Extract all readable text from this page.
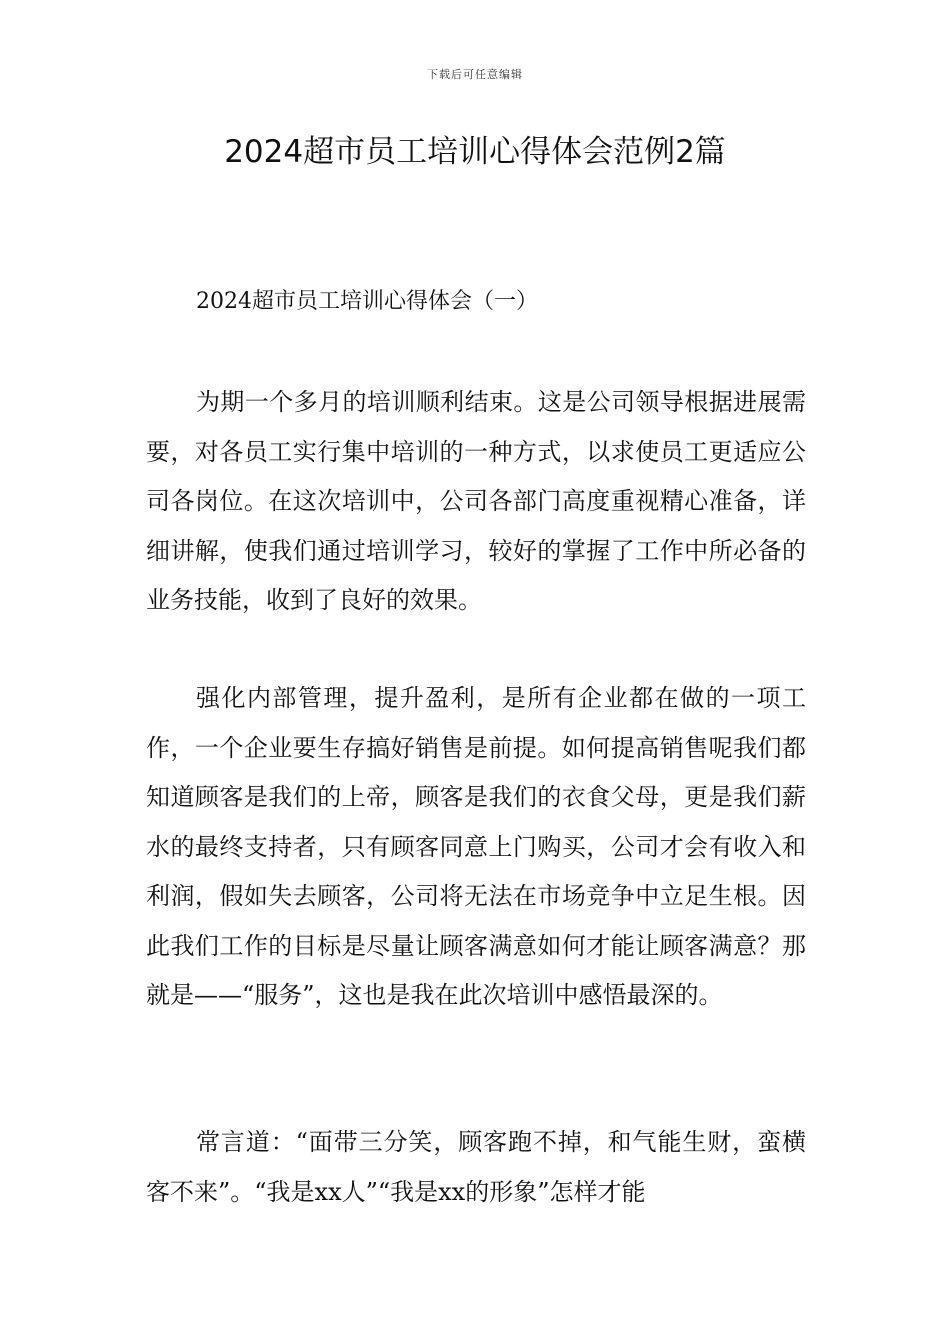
下载后可任意编辑
2024超市员工培训心得体会范例2篇
2024超市员工培训心得体会（一）

为期一个多月的培训顺利结束。这是公司领导根据进展需要，对各员工实行集中培训的一种方式，以求使员工更适应公司各岗位。在这次培训中，公司各部门高度重视精心准备，详细讲解，使我们通过培训学习，较好的掌握了工作中所必备的业务技能，收到了良好的效果。

强化内部管理，提升盈利，是所有企业都在做的一项工作，一个企业要生存搞好销售是前提。如何提高销售呢我们都知道顾客是我们的上帝，顾客是我们的衣食父母，更是我们薪水的最终支持者，只有顾客同意上门购买，公司才会有收入和利润，假如失去顾客，公司将无法在市场竞争中立足生根。因此我们工作的目标是尽量让顾客满意如何才能让顾客满意？那就是——“服务”，这也是我在此次培训中感悟最深的。

常言道：“面带三分笑，顾客跑不掉，和气能生财，蛮横客不来”。“我是xx人”“我是xx的形象”怎样才能
